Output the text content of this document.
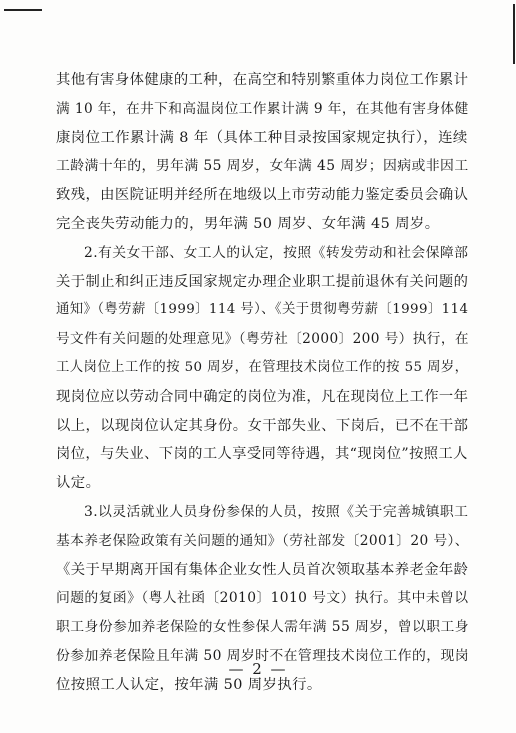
其他有害身体健康的工种，在高空和特别繁重体力岗位工作累计
满 10 年，在井下和高温岗位工作累计满 9 年，在其他有害身体健
康岗位工作累计满 8 年（具体工种目录按国家规定执行），连续
工龄满十年的，男年满 55 周岁，女年满 45 周岁；因病或非因工
致残，由医院证明并经所在地级以上市劳动能力鉴定委员会确认
完全丧失劳动能力的，男年满 50 周岁、女年满 45 周岁。
2.有关女干部、女工人的认定，按照《转发劳动和社会保障部
关于制止和纠正违反国家规定办理企业职工提前退休有关问题的
通知》（粤劳薪〔1999〕114 号）、《关于贯彻粤劳薪〔1999〕114
号文件有关问题的处理意见》（粤劳社〔2000〕200 号）执行，在
工人岗位上工作的按 50 周岁，在管理技术岗位工作的按 55 周岁，
现岗位应以劳动合同中确定的岗位为准，凡在现岗位上工作一年
以上，以现岗位认定其身份。女干部失业、下岗后，已不在干部
岗位，与失业、下岗的工人享受同等待遇，其“现岗位”按照工人
认定。
3.以灵活就业人员身份参保的人员，按照《关于完善城镇职工
基本养老保险政策有关问题的通知》（劳社部发〔2001〕20 号）、
《关于早期离开国有集体企业女性人员首次领取基本养老金年龄
问题的复函》（粤人社函〔2010〕1010 号文）执行。其中未曾以
职工身份参加养老保险的女性参保人需年满 55 周岁，曾以职工身
份参加养老保险且年满 50 周岁时不在管理技术岗位工作的，现岗
位按照工人认定，按年满 50 周岁执行。
— 2 —
